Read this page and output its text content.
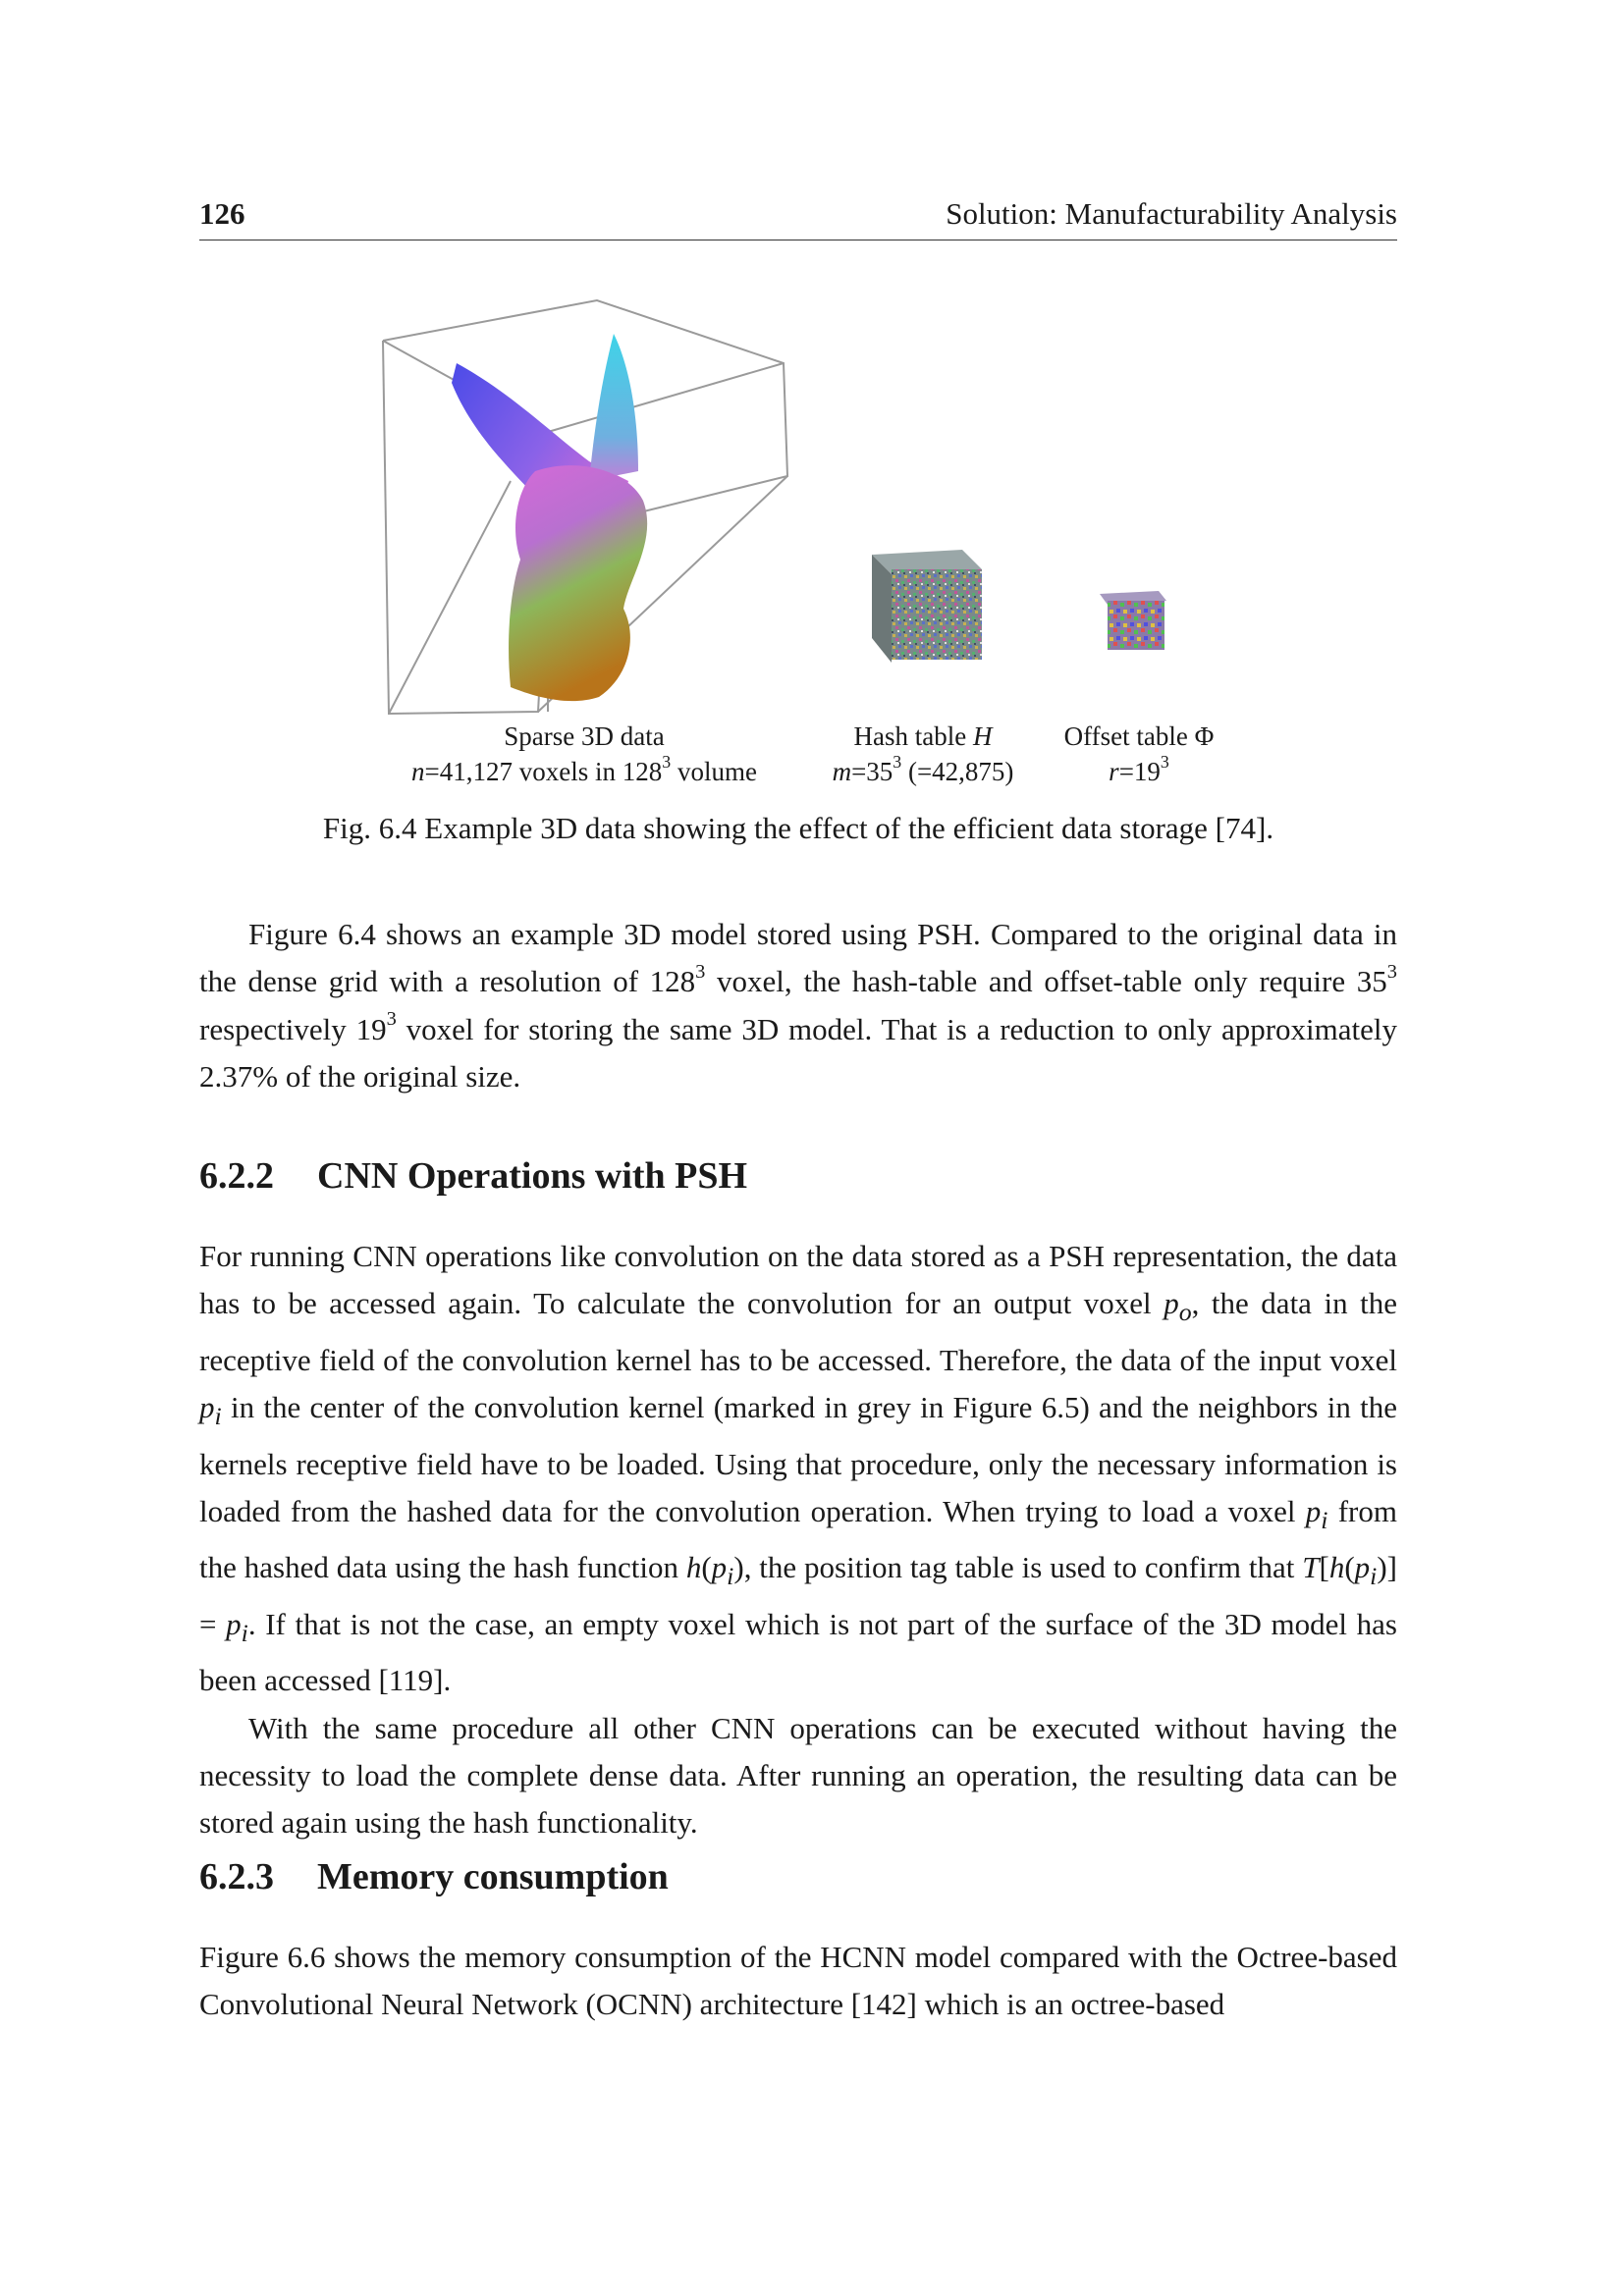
126	Solution: Manufacturability Analysis
Sparse 3D data
n=41,127 voxels in $128^3$ volume
Hash table H
$m=35^3$ (=42,875)
Offset table Φ
$r=19^3$
Fig. 6.4 Example 3D data showing the effect of the efficient data storage [74].

Figure 6.4 shows an example 3D model stored using PSH. Compared to the original data in the dense grid with a resolution of $128^3$ voxel, the hash-table and offset-table only require $35^3$ respectively $19^3$ voxel for storing the same 3D model. That is a reduction to only approximately 2.37% of the original size.

6.2.2 CNN Operations with PSH

For running CNN operations like convolution on the data stored as a PSH representation, the data has to be accessed again. To calculate the convolution for an output voxel $p_o$, the data in the receptive field of the convolution kernel has to be accessed. Therefore, the data of the input voxel $p_i$ in the center of the convolution kernel (marked in grey in Figure 6.5) and the neighbors in the kernels receptive field have to be loaded. Using that procedure, only the necessary information is loaded from the hashed data for the convolution operation. When trying to load a voxel $p_i$ from the hashed data using the hash function $h(p_i)$, the position tag table is used to confirm that $T[h(p_i)] = p_i$. If that is not the case, an empty voxel which is not part of the surface of the 3D model has been accessed [119].

With the same procedure all other CNN operations can be executed without having the necessity to load the complete dense data. After running an operation, the resulting data can be stored again using the hash functionality.

6.2.3 Memory consumption

Figure 6.6 shows the memory consumption of the HCNN model compared with the Octree-based Convolutional Neural Network (OCNN) architecture [142] which is an octree-based
